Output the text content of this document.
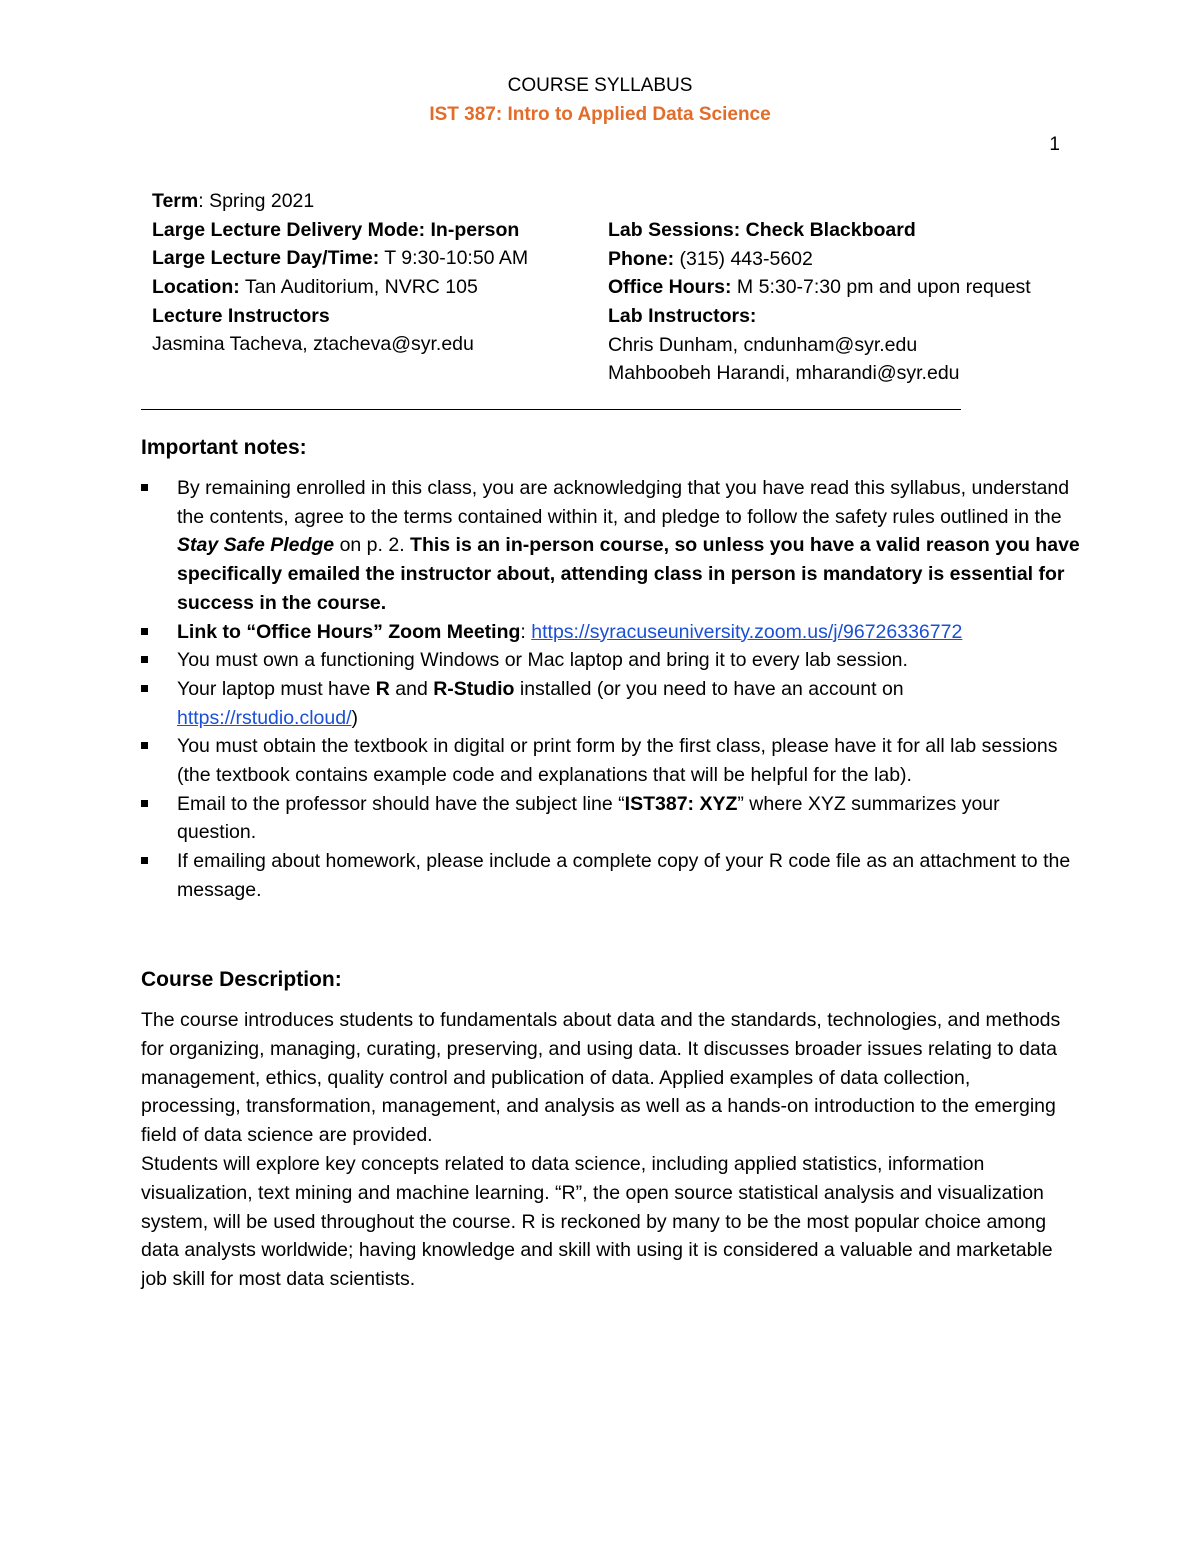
COURSE SYLLABUS
IST 387: Intro to Applied Data Science
1
Term: Spring 2021
Large Lecture Delivery Mode: In-person
Large Lecture Day/Time: T 9:30-10:50 AM
Location: Tan Auditorium, NVRC 105
Lecture Instructors
Jasmina Tacheva, ztacheva@syr.edu
Lab Sessions: Check Blackboard
Phone: (315) 443-5602
Office Hours: M 5:30-7:30 pm and upon request
Lab Instructors:
Chris Dunham, cndunham@syr.edu
Mahboobeh Harandi, mharandi@syr.edu
Important notes:
By remaining enrolled in this class, you are acknowledging that you have read this syllabus, understand the contents, agree to the terms contained within it, and pledge to follow the safety rules outlined in the Stay Safe Pledge on p. 2. This is an in-person course, so unless you have a valid reason you have specifically emailed the instructor about, attending class in person is mandatory is essential for success in the course.
Link to “Office Hours” Zoom Meeting: https://syracuseuniversity.zoom.us/j/96726336772
You must own a functioning Windows or Mac laptop and bring it to every lab session.
Your laptop must have R and R-Studio installed (or you need to have an account on https://rstudio.cloud/)
You must obtain the textbook in digital or print form by the first class, please have it for all lab sessions (the textbook contains example code and explanations that will be helpful for the lab).
Email to the professor should have the subject line “IST387: XYZ” where XYZ summarizes your question.
If emailing about homework, please include a complete copy of your R code file as an attachment to the message.
Course Description:

The course introduces students to fundamentals about data and the standards, technologies, and methods for organizing, managing, curating, preserving, and using data. It discusses broader issues relating to data management, ethics, quality control and publication of data. Applied examples of data collection, processing, transformation, management, and analysis as well as a hands-on introduction to the emerging field of data science are provided.

Students will explore key concepts related to data science, including applied statistics, information visualization, text mining and machine learning. “R”, the open source statistical analysis and visualization system, will be used throughout the course. R is reckoned by many to be the most popular choice among data analysts worldwide; having knowledge and skill with using it is considered a valuable and marketable job skill for most data scientists.
